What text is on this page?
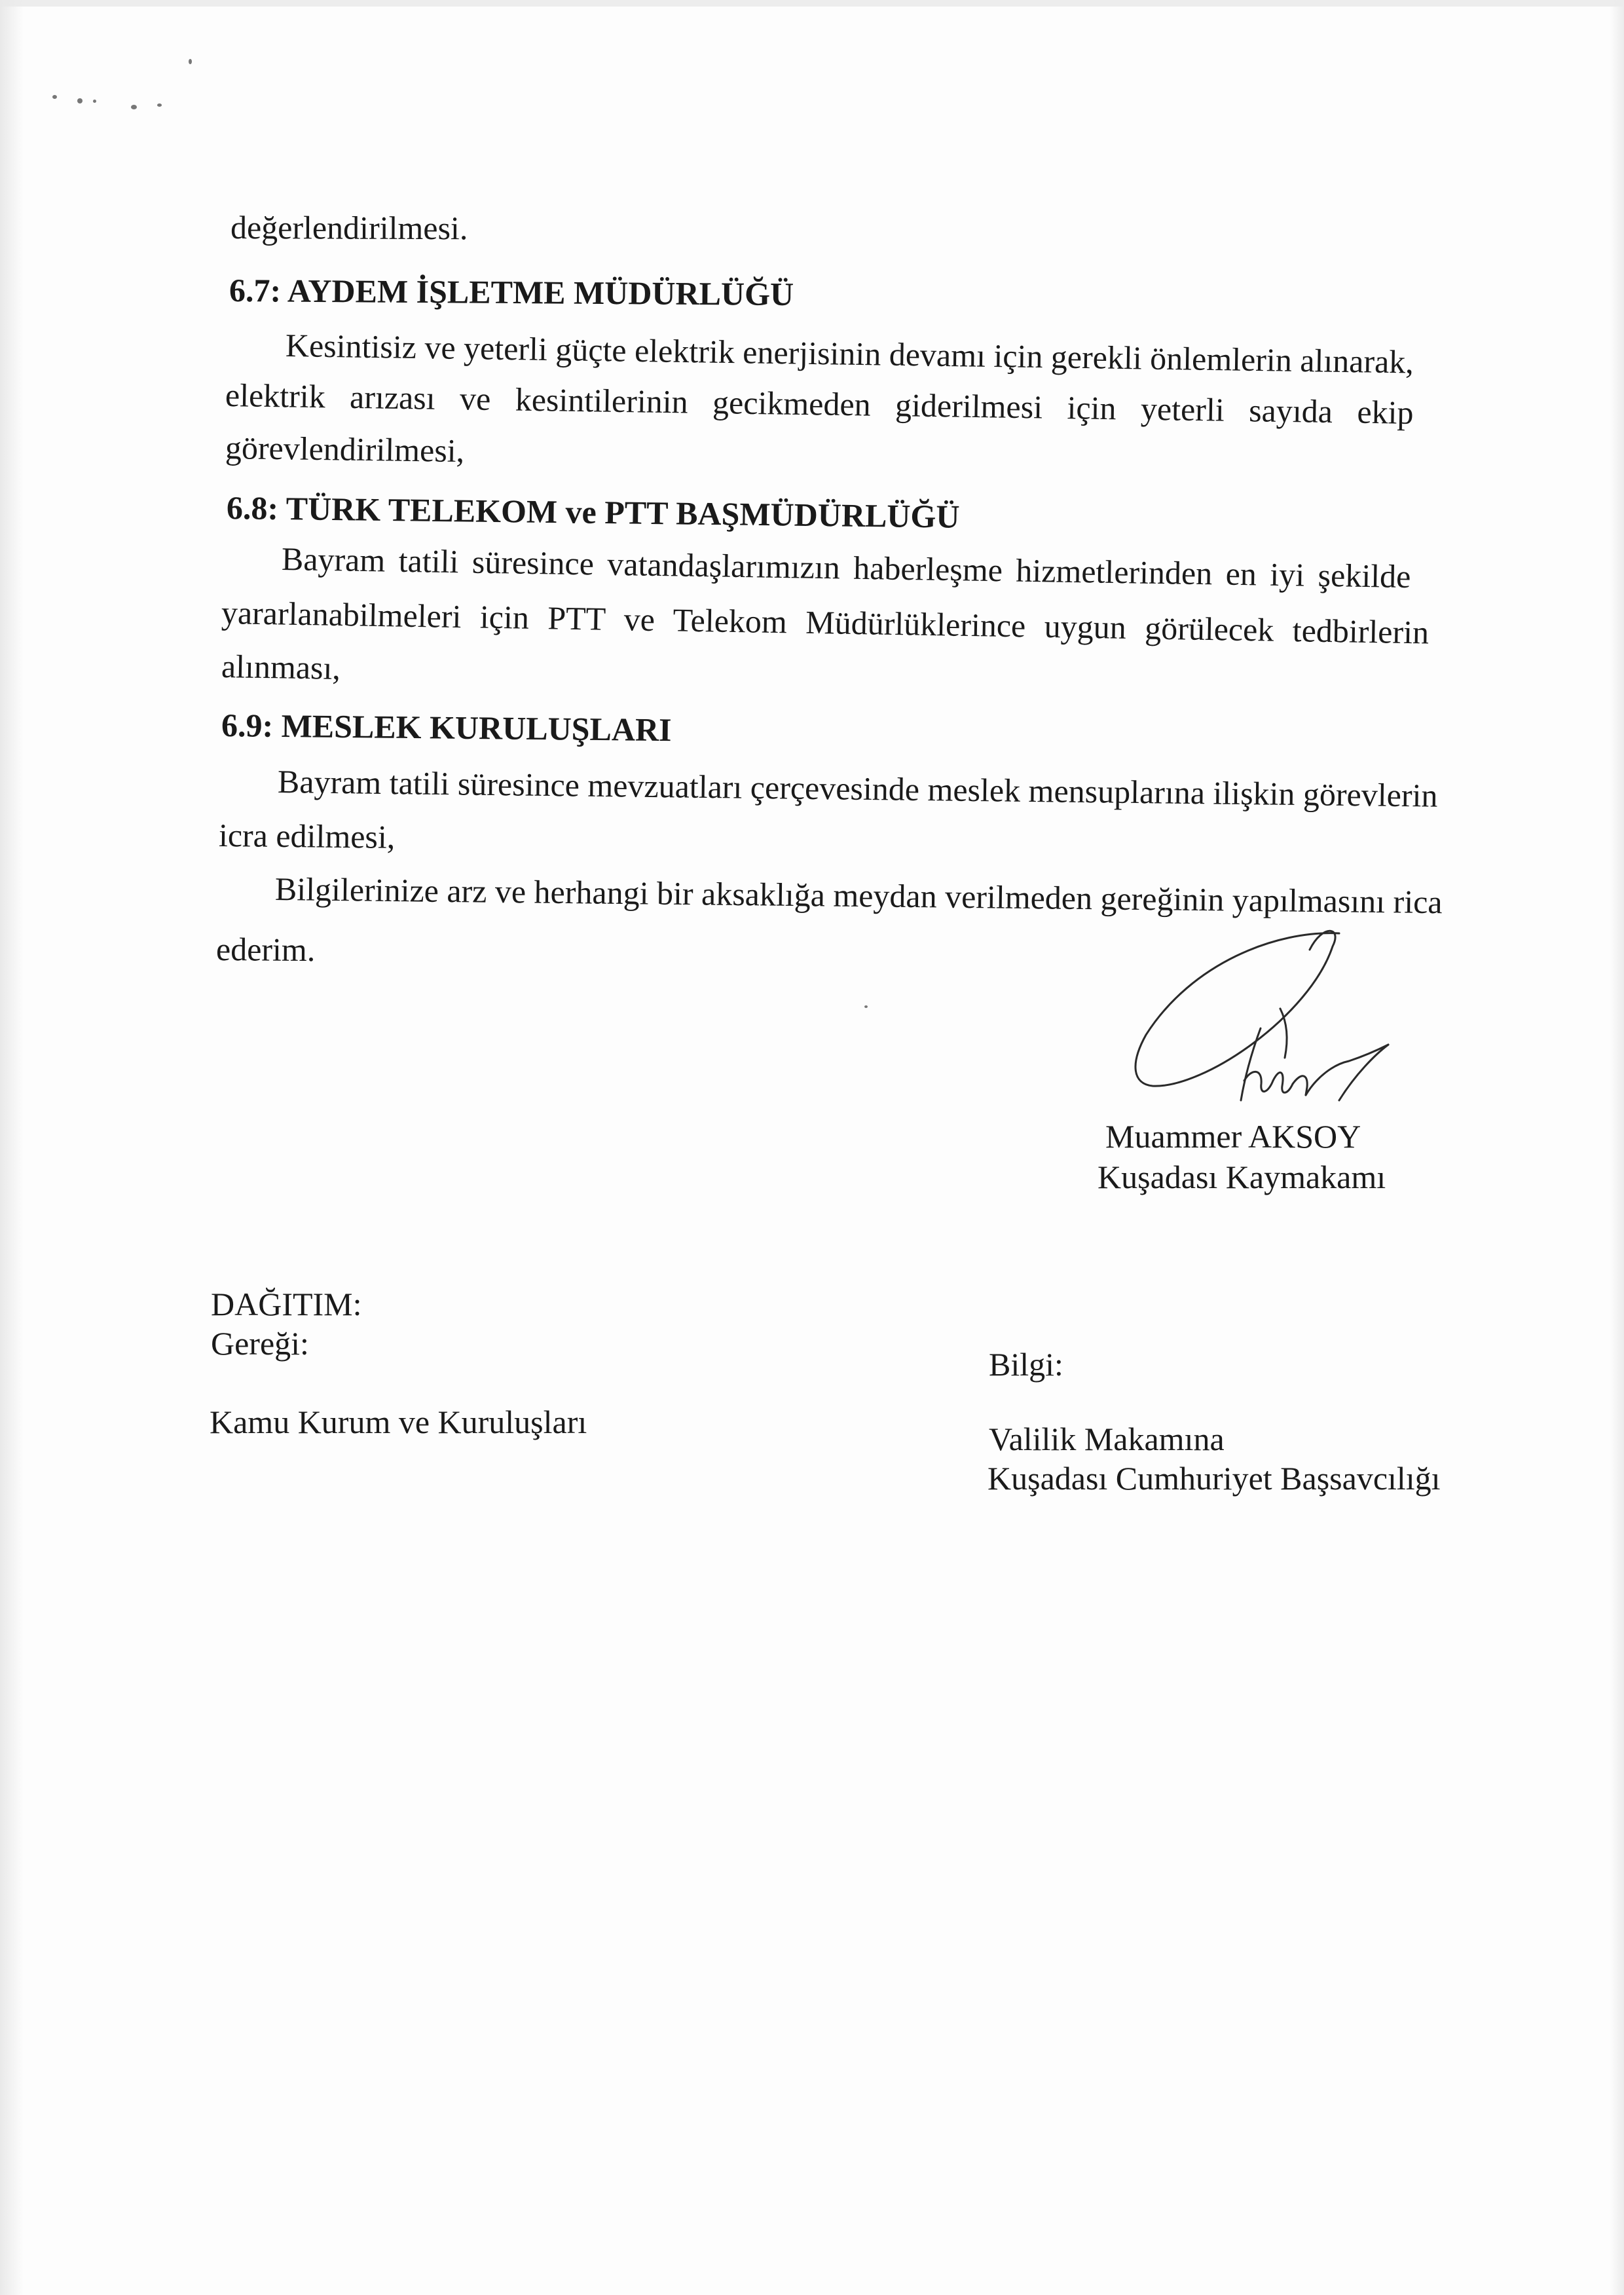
değerlendirilmesi.
6.7: AYDEM İŞLETME MÜDÜRLÜĞÜ
Kesintisiz ve yeterli güçte elektrik enerjisinin devamı için gerekli önlemlerin alınarak,
elektrik arızası ve kesintilerinin gecikmeden giderilmesi için yeterli sayıda ekip
görevlendirilmesi,
6.8: TÜRK TELEKOM ve PTT BAŞMÜDÜRLÜĞÜ
Bayram tatili süresince vatandaşlarımızın haberleşme hizmetlerinden en iyi şekilde
yararlanabilmeleri için PTT ve Telekom Müdürlüklerince uygun görülecek tedbirlerin
alınması,
6.9: MESLEK KURULUŞLARI
Bayram tatili süresince mevzuatları çerçevesinde meslek mensuplarına ilişkin görevlerin
icra edilmesi,
Bilgilerinize arz ve herhangi bir aksaklığa meydan verilmeden gereğinin yapılmasını rica
ederim.
Muammer AKSOY
Kuşadası Kaymakamı
DAĞITIM:
Gereği:
Kamu Kurum ve Kuruluşları
Bilgi:
Valilik Makamına
Kuşadası Cumhuriyet Başsavcılığı
